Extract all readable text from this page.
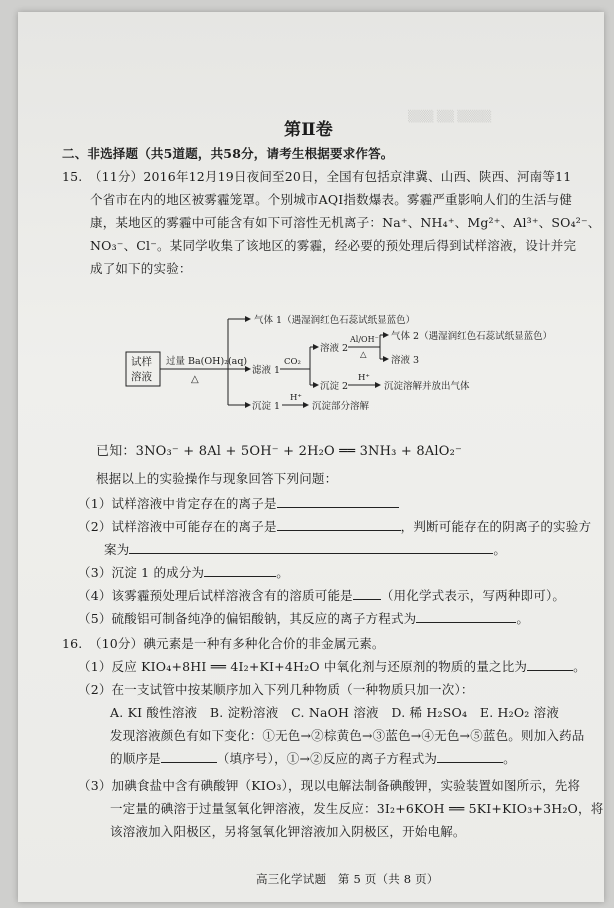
▒▒▒ ▒▒ ▒▒▒▒
第Ⅱ卷
二、非选择题（共5道题，共58分，请考生根据要求作答。
15.　（11分）2016年12月19日夜间至20日，全国有包括京津冀、山西、陕西、河南等11
个省市在内的地区被雾霾笼罩。个别城市AQI指数爆表。雾霾严重影响人们的生活与健
康，某地区的雾霾中可能含有如下可溶性无机离子：Na⁺、NH₄⁺、Mg²⁺、Al³⁺、SO₄²⁻、
NO₃⁻、Cl⁻。某同学收集了该地区的雾霾，经必要的预处理后得到试样溶液，设计并完
成了如下的实验：
试样
溶液
过量 Ba(OH)₂(aq)
△
气体 1（遇湿润红色石蕊试纸显蓝色）
滤液 1
CO₂
溶液 2
Al/OH⁻
△
气体 2（遇湿润红色石蕊试纸显蓝色）
溶液 3
H⁺
沉淀 2	沉淀溶解并放出气体
沉淀 1
H⁺
沉淀部分溶解
已知：3NO₃⁻ + 8Al + 5OH⁻ + 2H₂O ══ 3NH₃ + 8AlO₂⁻
根据以上的实验操作与现象回答下列问题：
（1）试样溶液中肯定存在的离子是
（2）试样溶液中可能存在的离子是	，判断可能存在的阴离子的实验方
案为	。
（3）沉淀 1 的成分为	。
（4）该雾霾预处理后试样溶液含有的溶质可能是 （用化学式表示，写两种即可）。
（5）硫酸铝可制备纯净的偏铝酸钠，其反应的离子方程式为	。
16.　（10分）碘元素是一种有多种化合价的非金属元素。
（1）反应 KIO₄+8HI ══ 4I₂+KI+4H₂O 中氧化剂与还原剂的物质的量之比为	。
（2）在一支试管中按某顺序加入下列几种物质（一种物质只加一次）：
A. KI 酸性溶液　B. 淀粉溶液　C. NaOH 溶液　D. 稀 H₂SO₄　E. H₂O₂ 溶液
发现溶液颜色有如下变化：①无色→②棕黄色→③蓝色→④无色→⑤蓝色。则加入药品
的顺序是	（填序号），①→②反应的离子方程式为	。
（3）加碘食盐中含有碘酸钾（KIO₃），现以电解法制备碘酸钾，实验装置如图所示，先将
一定量的碘溶于过量氢氧化钾溶液，发生反应：3I₂+6KOH ══ 5KI+KIO₃+3H₂O，将
该溶液加入阳极区，另将氢氧化钾溶液加入阴极区，开始电解。
高三化学试题　第 5 页（共 8 页）
